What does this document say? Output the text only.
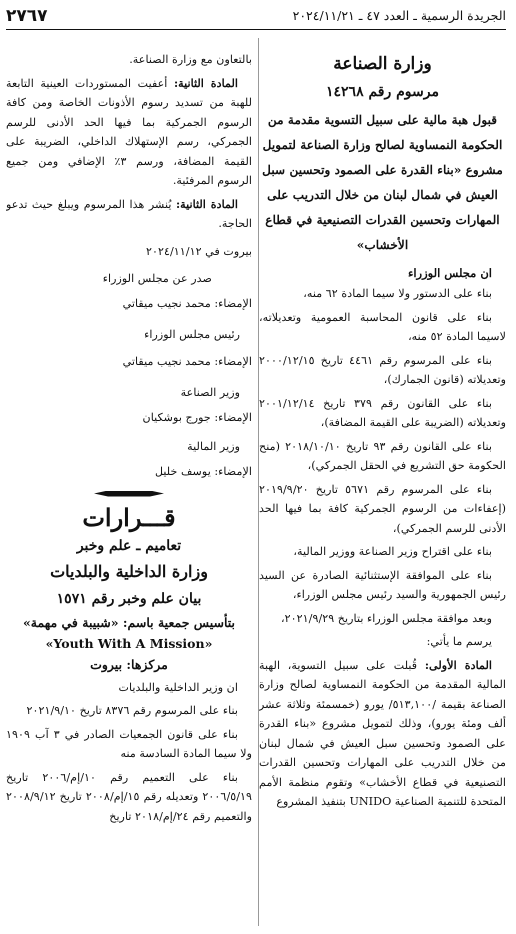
٢٧٦٧	الجريدة الرسمية ـ العدد ٤٧ ـ ٢٠٢٤/١١/٢١

وزارة الصناعة

مرسوم رقم ١٤٢٦٨

قبول هبة مالية على سبيل التسوية مقدمة من الحكومة النمساوية لصالح وزارة الصناعة لتمويل مشروع «بناء القدرة على الصمود وتحسين سبل العيش في شمال لبنان من خلال التدريب على المهارات وتحسين القدرات التصنيعية في قطاع الأخشاب»

ان مجلس الوزراء

بناء على الدستور ولا سيما المادة ٦٢ منه،

بناء على قانون المحاسبة العمومية وتعديلاته، لاسيما المادة ٥٢ منه،

بناء على المرسوم رقم ٤٤٦١ تاريخ ٢٠٠٠/١٢/١٥ وتعديلاته (قانون الجمارك)،

بناء على القانون رقم ٣٧٩ تاريخ ٢٠٠١/١٢/١٤ وتعديلاته (الضريبة على القيمة المضافة)،

بناء على القانون رقم ٩٣ تاريخ ٢٠١٨/١٠/١٠ (منح الحكومة حق التشريع في الحقل الجمركي)،

بناء على المرسوم رقم ٥٦٧١ تاريخ ٢٠١٩/٩/٢٠ (إعفاءات من الرسوم الجمركية كافة بما فيها الحد الأدنى للرسم الجمركي)،

بناء على اقتراح وزير الصناعة ووزير المالية،

بناء على الموافقة الإستثنائية الصادرة عن السيد رئيس الجمهورية والسيد رئيس مجلس الوزراء،

وبعد موافقة مجلس الوزراء بتاريخ ٢٠٢١/٩/٢٩،

يرسم ما يأتي:

المادة الأولى: قُبلت على سبيل التسوية، الهبة المالية المقدمة من الحكومة النمساوية لصالح وزارة الصناعة بقيمة /٥١٣,١٠٠/ يورو (خمسمئة وثلاثة عشر ألف ومئة يورو)، وذلك لتمويل مشروع «بناء القدرة على الصمود وتحسين سبل العيش في شمال لبنان من خلال التدريب على المهارات وتحسين القدرات التصنيعية في قطاع الأخشاب» وتقوم منظمة الأمم المتحدة للتنمية الصناعية UNIDO بتنفيذ المشروع

بالتعاون مع وزارة الصناعة.

المادة الثانية: أعفيت المستوردات العينية التابعة للهبة من تسديد رسوم الأذونات الخاصة ومن كافة الرسوم الجمركية بما فيها الحد الأدنى للرسم الجمركي، رسم الإستهلاك الداخلي، الضريبة على القيمة المضافة، ورسم ٣٪ الإضافي ومن جميع الرسوم المرفئية.

المادة الثانية: يُنشر هذا المرسوم ويبلغ حيث تدعو الحاجة.

بيروت في ٢٠٢٤/١١/١٢

صدر عن مجلس الوزراء

الإمضاء: محمد نجيب ميقاتي

رئيس مجلس الوزراء

الإمضاء: محمد نجيب ميقاتي

وزير الصناعة

الإمضاء: جورج بوشكيان

وزير المالية

الإمضاء: يوسف خليل

قـــرارات

تعاميم ـ علم وخبر

وزارة الداخلية والبلديات

بيان علم وخبر رقم ١٥٧١

بتأسيس جمعية باسم: «شبيبة في مهمة»

«Youth With A Mission»

مركزها: بيروت

ان وزير الداخلية والبلديات

بناء على المرسوم رقم ٨٣٧٦ تاريخ ٢٠٢١/٩/١٠

بناء على قانون الجمعيات الصادر في ٣ آب ١٩٠٩ ولا سيما المادة السادسة منه

بناء على التعميم رقم ١٠/إم/٢٠٠٦ تاريخ ٢٠٠٦/٥/١٩ وتعديله رقم ١٥/إم/٢٠٠٨ تاريخ ٢٠٠٨/٩/١٢ والتعميم رقم ٢٤/إم/٢٠١٨ تاريخ
